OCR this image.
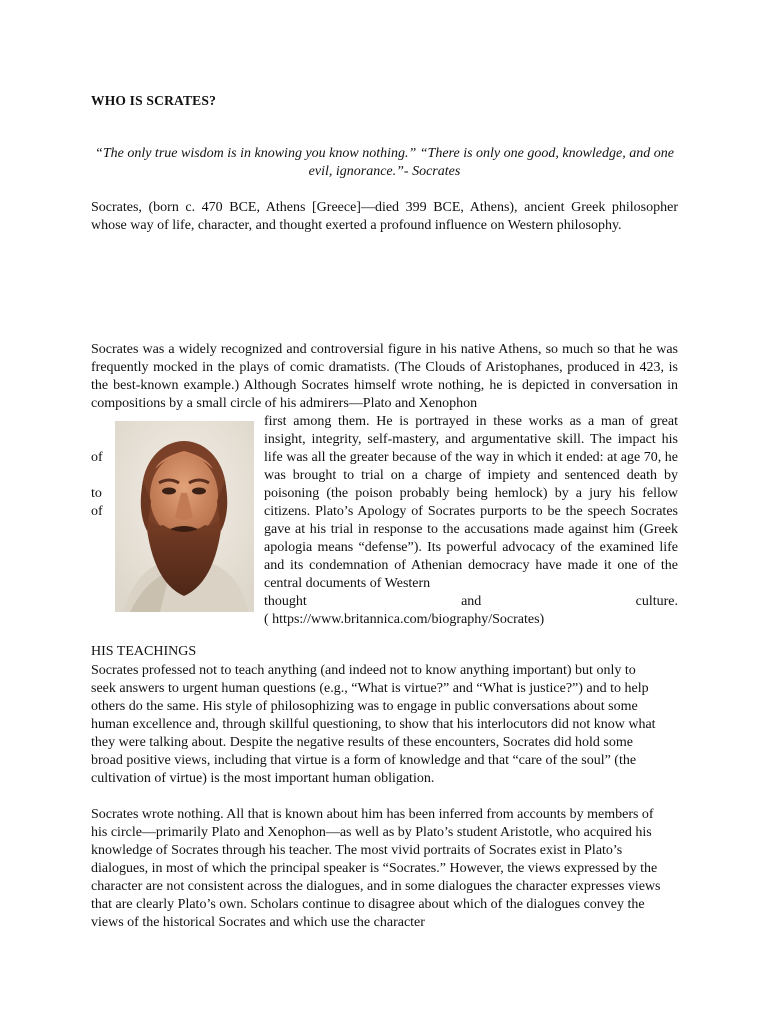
WHO IS SCRATES?
“The only true wisdom is in knowing you know nothing.” “There is only one good, knowledge, and one evil, ignorance.”- Socrates

Socrates, (born c. 470 BCE, Athens [Greece]—died 399 BCE, Athens), ancient Greek philosopher whose way of life, character, and thought exerted a profound influence on Western philosophy.

Socrates was a widely recognized and controversial figure in his native Athens, so much so that he was frequently mocked in the plays of comic dramatists. (The Clouds of Aristophanes, produced in 423, is the best-known example.) Although Socrates himself wrote nothing, he is depicted in conversation in compositions by a small circle of his admirers—Plato and Xenophon

of
to
of

first among them. He is portrayed in these works as a man of great insight, integrity, self-mastery, and argumentative skill. The impact his life was all the greater because of the way in which it ended: at age 70, he was brought to trial on a charge of impiety and sentenced death by poisoning (the poison probably being hemlock) by a jury his fellow citizens. Plato’s Apology of Socrates purports to be the speech Socrates gave at his trial in response to the accusations made against him (Greek apologia means “defense”). Its powerful advocacy of the examined life and its condemnation of Athenian democracy have made it one of the central documents of Western
thought and culture.

( https://www.britannica.com/biography/Socrates)
HIS TEACHINGS

Socrates professed not to teach anything (and indeed not to know anything important) but only to seek answers to urgent human questions (e.g., “What is virtue?” and “What is justice?”) and to help others do the same. His style of philosophizing was to engage in public conversations about some human excellence and, through skillful questioning, to show that his interlocutors did not know what they were talking about. Despite the negative results of these encounters, Socrates did hold some broad positive views, including that virtue is a form of knowledge and that “care of the soul” (the cultivation of virtue) is the most important human obligation.

Socrates wrote nothing. All that is known about him has been inferred from accounts by members of his circle—primarily Plato and Xenophon—as well as by Plato’s student Aristotle, who acquired his knowledge of Socrates through his teacher. The most vivid portraits of Socrates exist in Plato’s dialogues, in most of which the principal speaker is “Socrates.” However, the views expressed by the character are not consistent across the dialogues, and in some dialogues the character expresses views that are clearly Plato’s own. Scholars continue to disagree about which of the dialogues convey the views of the historical Socrates and which use the character
